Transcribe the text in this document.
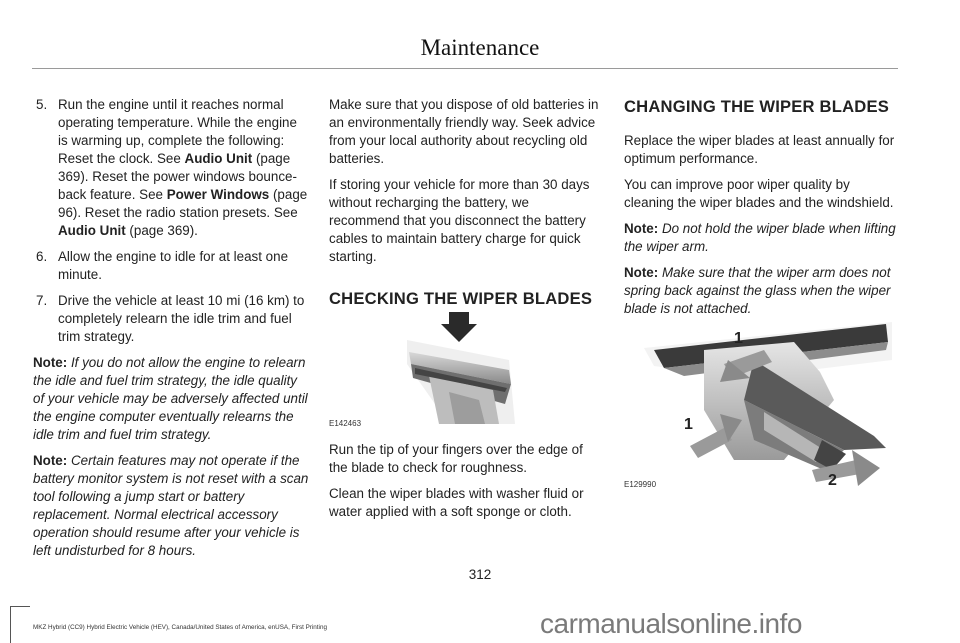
Maintenance
5. Run the engine until it reaches normal operating temperature. While the engine is warming up, complete the following: Reset the clock. See Audio Unit (page 369). Reset the power windows bounce-back feature. See Power Windows (page 96). Reset the radio station presets. See Audio Unit (page 369).
6. Allow the engine to idle for at least one minute.
7. Drive the vehicle at least 10 mi (16 km) to completely relearn the idle trim and fuel trim strategy.

Note: If you do not allow the engine to relearn the idle and fuel trim strategy, the idle quality of your vehicle may be adversely affected until the engine computer eventually relearns the idle trim and fuel trim strategy.

Note: Certain features may not operate if the battery monitor system is not reset with a scan tool following a jump start or battery replacement. Normal electrical accessory operation should resume after your vehicle is left undisturbed for 8 hours.

Make sure that you dispose of old batteries in an environmentally friendly way. Seek advice from your local authority about recycling old batteries.

If storing your vehicle for more than 30 days without recharging the battery, we recommend that you disconnect the battery cables to maintain battery charge for quick starting.

CHECKING THE WIPER BLADES
E142463

Run the tip of your fingers over the edge of the blade to check for roughness.

Clean the wiper blades with washer fluid or water applied with a soft sponge or cloth.

CHANGING THE WIPER BLADES

Replace the wiper blades at least annually for optimum performance.

You can improve poor wiper quality by cleaning the wiper blades and the windshield.

Note: Do not hold the wiper blade when lifting the wiper arm.

Note: Make sure that the wiper arm does not spring back against the glass when the wiper blade is not attached.

E129990
1
1
2
312
MKZ Hybrid (CC9) Hybrid Electric Vehicle (HEV), Canada/United States of America, enUSA, First Printing	carmanualsonline.info
